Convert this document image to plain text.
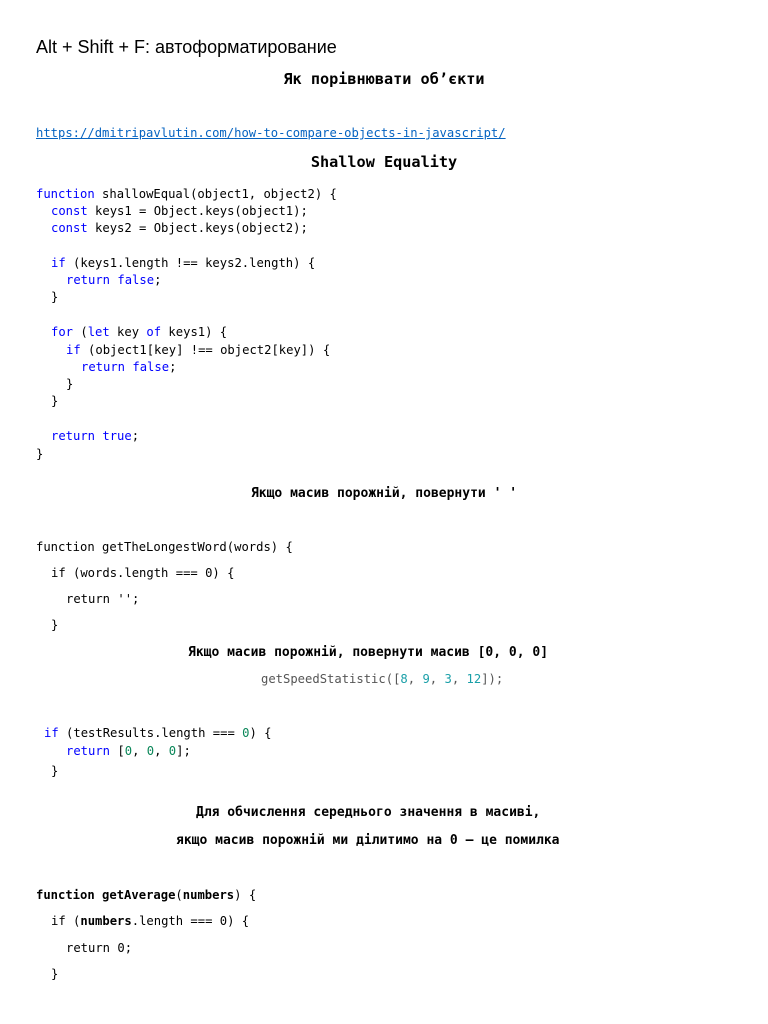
Alt + Shift + F: автоформатирование
Як порівнювати об’єкти
https://dmitripavlutin.com/how-to-compare-objects-in-javascript/
Shallow Equality
function shallowEqual(object1, object2) {
const keys1 = Object.keys(object1);
const keys2 = Object.keys(object2);
if (keys1.length !== keys2.length) {
return false;
}
for (let key of keys1) {
if (object1[key] !== object2[key]) {
return false;
}
}
return true;
}
Якщо масив порожній, повернути ' '
function getTheLongestWord(words) {
if (words.length === 0) {
return '';
}
Якщо масив порожній, повернути масив [0, 0, 0]
getSpeedStatistic([8, 9, 3, 12]);
if (testResults.length === 0) {
return [0, 0, 0];
}
Для обчислення середнього значення в масиві,
якщо масив порожній ми ділитимо на 0 – це помилка
function getAverage(numbers) {
if (numbers.length === 0) {
return 0;
}
